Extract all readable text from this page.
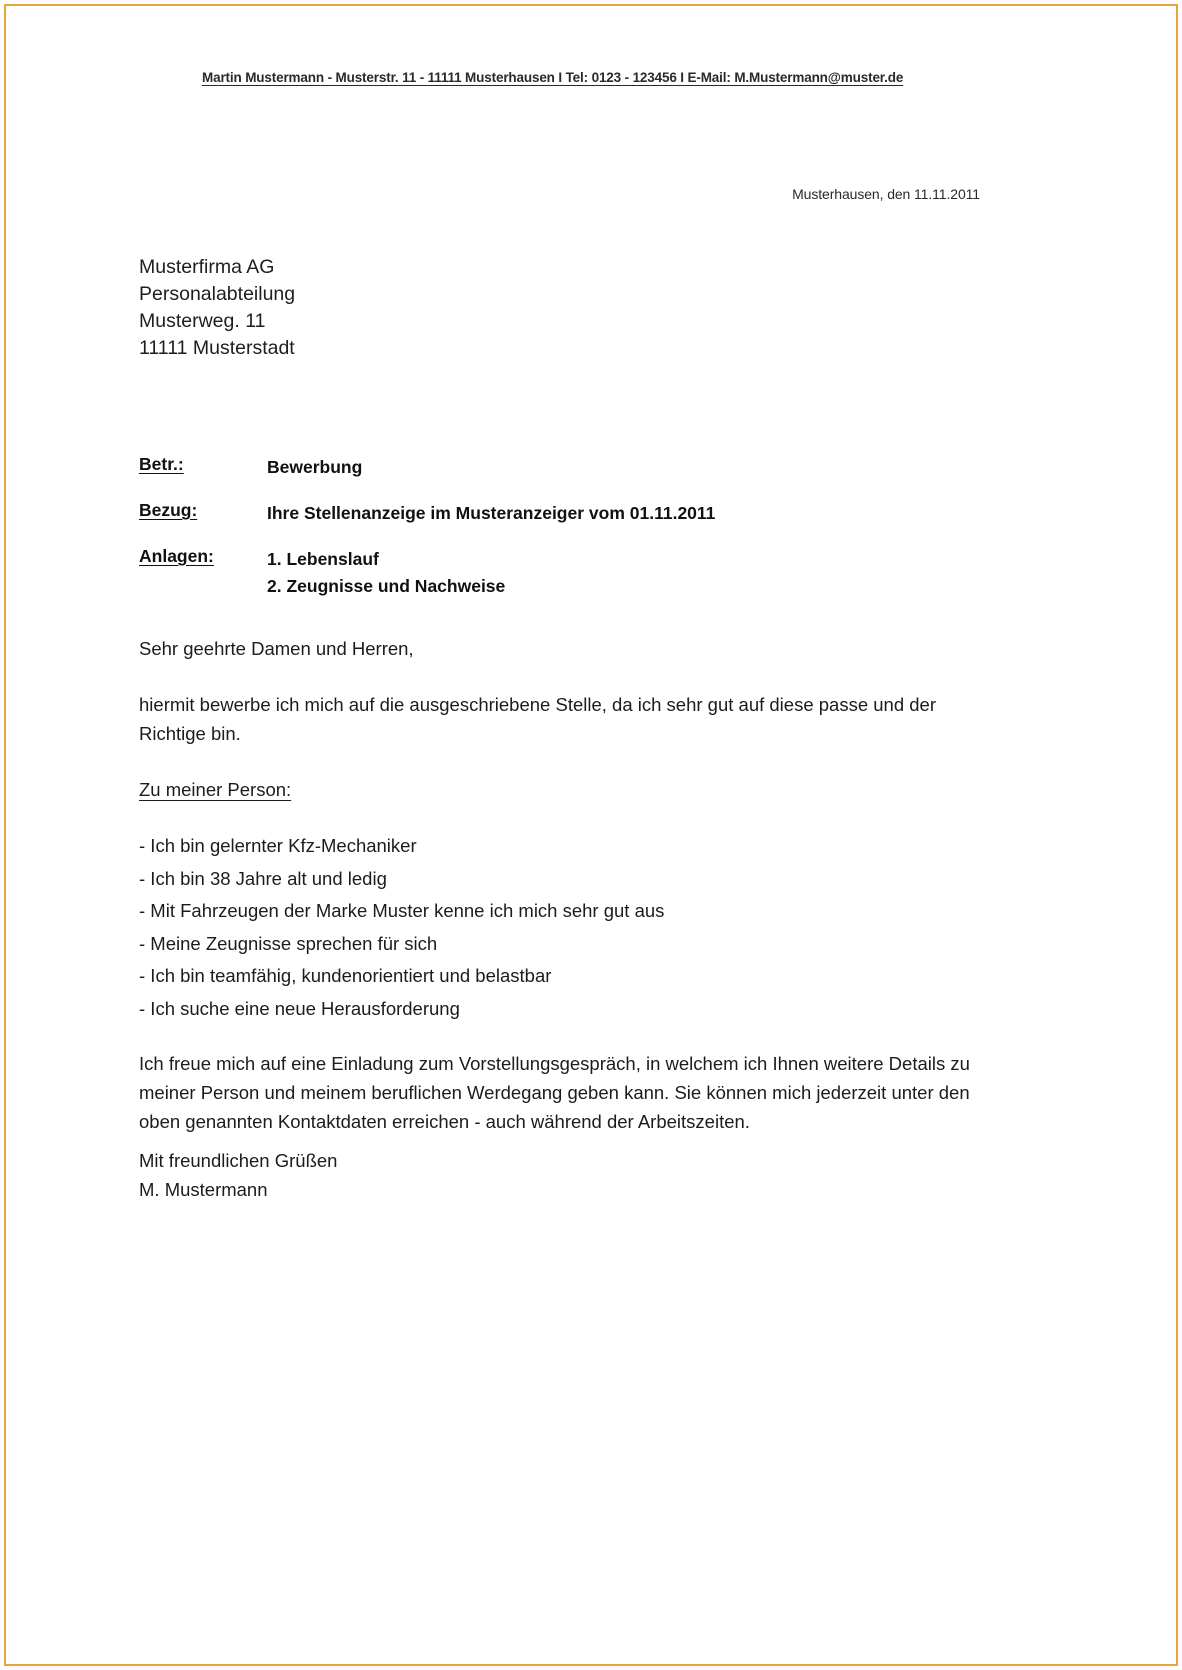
Martin Mustermann - Musterstr. 11 - 11111 Musterhausen I Tel: 0123 - 123456 I E-Mail: M.Mustermann@muster.de
Musterhausen, den 11.11.2011
Musterfirma AG
Personalabteilung
Musterweg. 11
11111 Musterstadt
Betr.:	Bewerbung
Bezug:	Ihre Stellenanzeige im Musteranzeiger vom 01.11.2011
Anlagen:	1. Lebenslauf
2. Zeugnisse und Nachweise
Sehr geehrte Damen und Herren,
hiermit bewerbe ich mich auf die ausgeschriebene Stelle, da ich sehr gut auf diese passe und der Richtige bin.
Zu meiner Person:
- Ich bin gelernter Kfz-Mechaniker
- Ich bin 38 Jahre alt und ledig
- Mit Fahrzeugen der Marke Muster kenne ich mich sehr gut aus
- Meine Zeugnisse sprechen für sich
- Ich bin teamfähig, kundenorientiert und belastbar
- Ich suche eine neue Herausforderung
Ich freue mich auf eine Einladung zum Vorstellungsgespräch, in welchem ich Ihnen weitere Details zu meiner Person und meinem beruflichen Werdegang geben kann. Sie können mich jederzeit unter den oben genannten Kontaktdaten erreichen - auch während der Arbeitszeiten.
Mit freundlichen Grüßen
M. Mustermann
